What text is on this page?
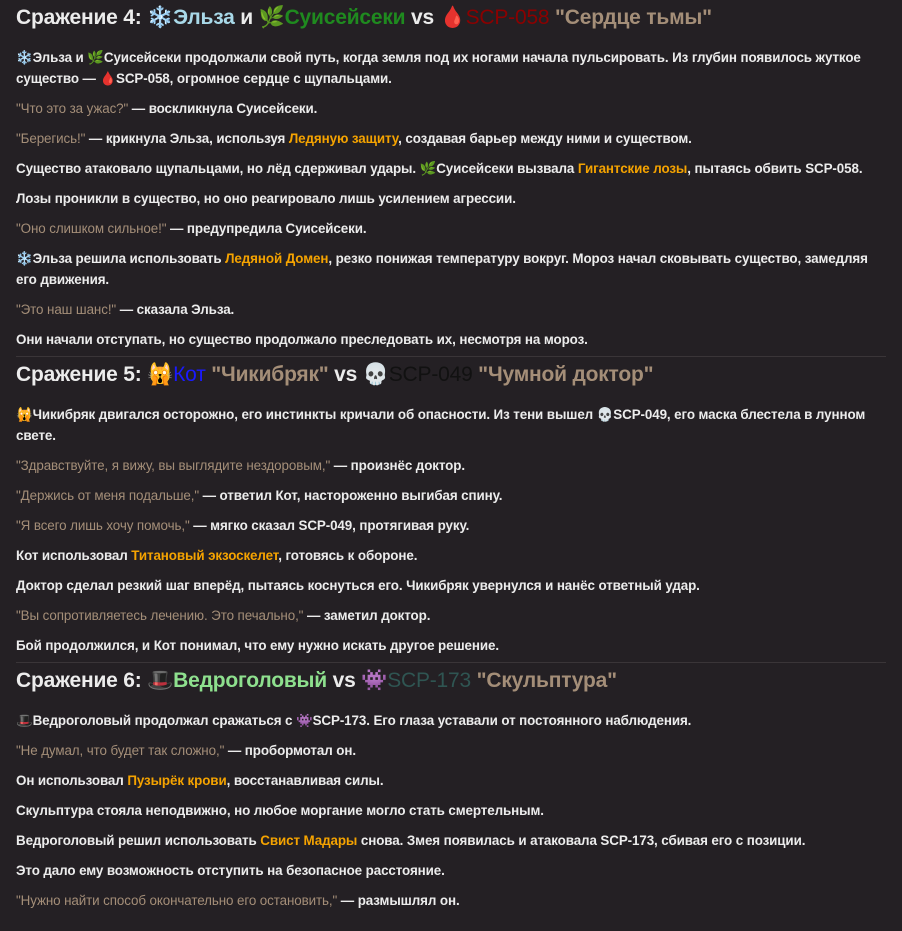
Сражение 4: ❄️Эльза и 🌿Суисейсеки vs 🩸SCP-058 "Сердце тьмы"

❄️Эльза и 🌿Суисейсеки продолжали свой путь, когда земля под их ногами начала пульсировать. Из глубин появилось жуткое существо — 🩸SCP-058, огромное сердце с щупальцами.

"Что это за ужас?" — воскликнула Суисейсеки.

"Берегись!" — крикнула Эльза, используя Ледяную защиту, создавая барьер между ними и существом.

Существо атаковало щупальцами, но лёд сдерживал удары. 🌿Суисейсеки вызвала Гигантские лозы, пытаясь обвить SCP-058.

Лозы проникли в существо, но оно реагировало лишь усилением агрессии.

"Оно слишком сильное!" — предупредила Суисейсеки.

❄️Эльза решила использовать Ледяной Домен, резко понижая температуру вокруг. Мороз начал сковывать существо, замедляя его движения.

"Это наш шанс!" — сказала Эльза.

Они начали отступать, но существо продолжало преследовать их, несмотря на мороз.

Сражение 5: 🙀Кот "Чикибряк" vs 💀SCP-049 "Чумной доктор"

🙀Чикибряк двигался осторожно, его инстинкты кричали об опасности. Из тени вышел 💀SCP-049, его маска блестела в лунном свете.

"Здравствуйте, я вижу, вы выглядите нездоровым," — произнёс доктор.

"Держись от меня подальше," — ответил Кот, настороженно выгибая спину.

"Я всего лишь хочу помочь," — мягко сказал SCP-049, протягивая руку.

Кот использовал Титановый экзоскелет, готовясь к обороне.

Доктор сделал резкий шаг вперёд, пытаясь коснуться его. Чикибряк увернулся и нанёс ответный удар.

"Вы сопротивляетесь лечению. Это печально," — заметил доктор.

Бой продолжился, и Кот понимал, что ему нужно искать другое решение.

Сражение 6: 🎩Ведроголовый vs 👾SCP-173 "Скульптура"

🎩Ведроголовый продолжал сражаться с 👾SCP-173. Его глаза уставали от постоянного наблюдения.

"Не думал, что будет так сложно," — пробормотал он.

Он использовал Пузырёк крови, восстанавливая силы.

Скульптура стояла неподвижно, но любое моргание могло стать смертельным.

Ведроголовый решил использовать Свист Мадары снова. Змея появилась и атаковала SCP-173, сбивая его с позиции.

Это дало ему возможность отступить на безопасное расстояние.

"Нужно найти способ окончательно его остановить," — размышлял он.
